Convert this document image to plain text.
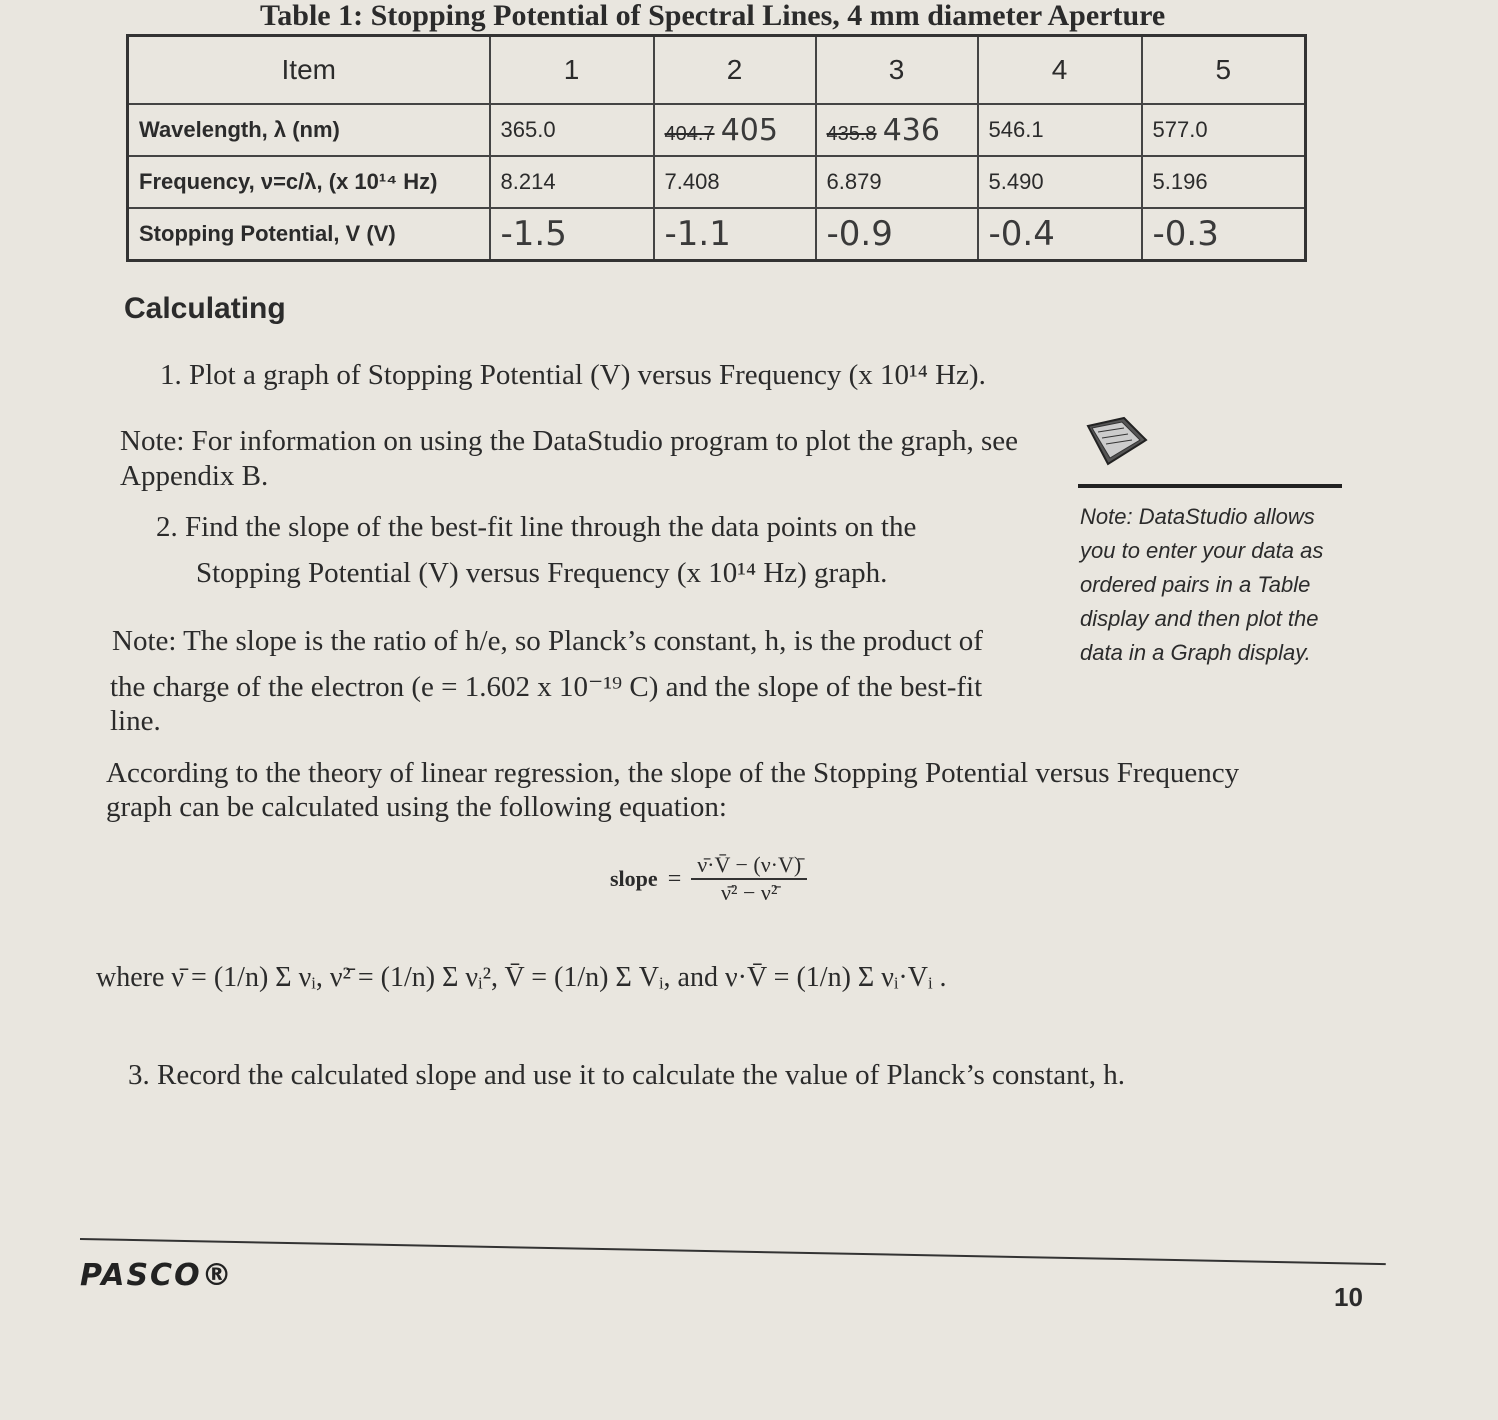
Table 1: Stopping Potential of Spectral Lines, 4 mm diameter Aperture
Item	1	2	3	4	5
Wavelength, λ (nm)	365.0	404.7 405	435.8 436	546.1	577.0
Frequency, ν=c/λ, (x 10¹⁴ Hz)	8.214	7.408	6.879	5.490	5.196
Stopping Potential, V (V)	-1.5	-1.1	-0.9	-0.4	-0.3
Calculating
1. Plot a graph of Stopping Potential (V) versus Frequency (x 10¹⁴ Hz).
Note: For information on using the DataStudio program to plot the graph, see Appendix B.
Note: DataStudio allows you to enter your data as ordered pairs in a Table display and then plot the data in a Graph display.
2. Find the slope of the best-fit line through the data points on the
Stopping Potential (V) versus Frequency (x 10¹⁴ Hz) graph.
Note: The slope is the ratio of h/e, so Planck’s constant, h, is the product of
the charge of the electron (e = 1.602 x 10⁻¹⁹ C) and the slope of the best-fit
line.
According to the theory of linear regression, the slope of the Stopping Potential versus Frequency
graph can be calculated using the following equation:
slope = $\frac{\nū\cdot V̄ - (\nu\cdot V)̄}{\text{ν̄² − ν²̄}}$
where ν̄ = (1/n) Σ νᵢ, ν²̄ = (1/n) Σ νᵢ², V̄ = (1/n) Σ Vᵢ, and ν·V̄ = (1/n) Σ νᵢ·Vᵢ .
3. Record the calculated slope and use it to calculate the value of Planck’s constant, h.
PASCO®
10
